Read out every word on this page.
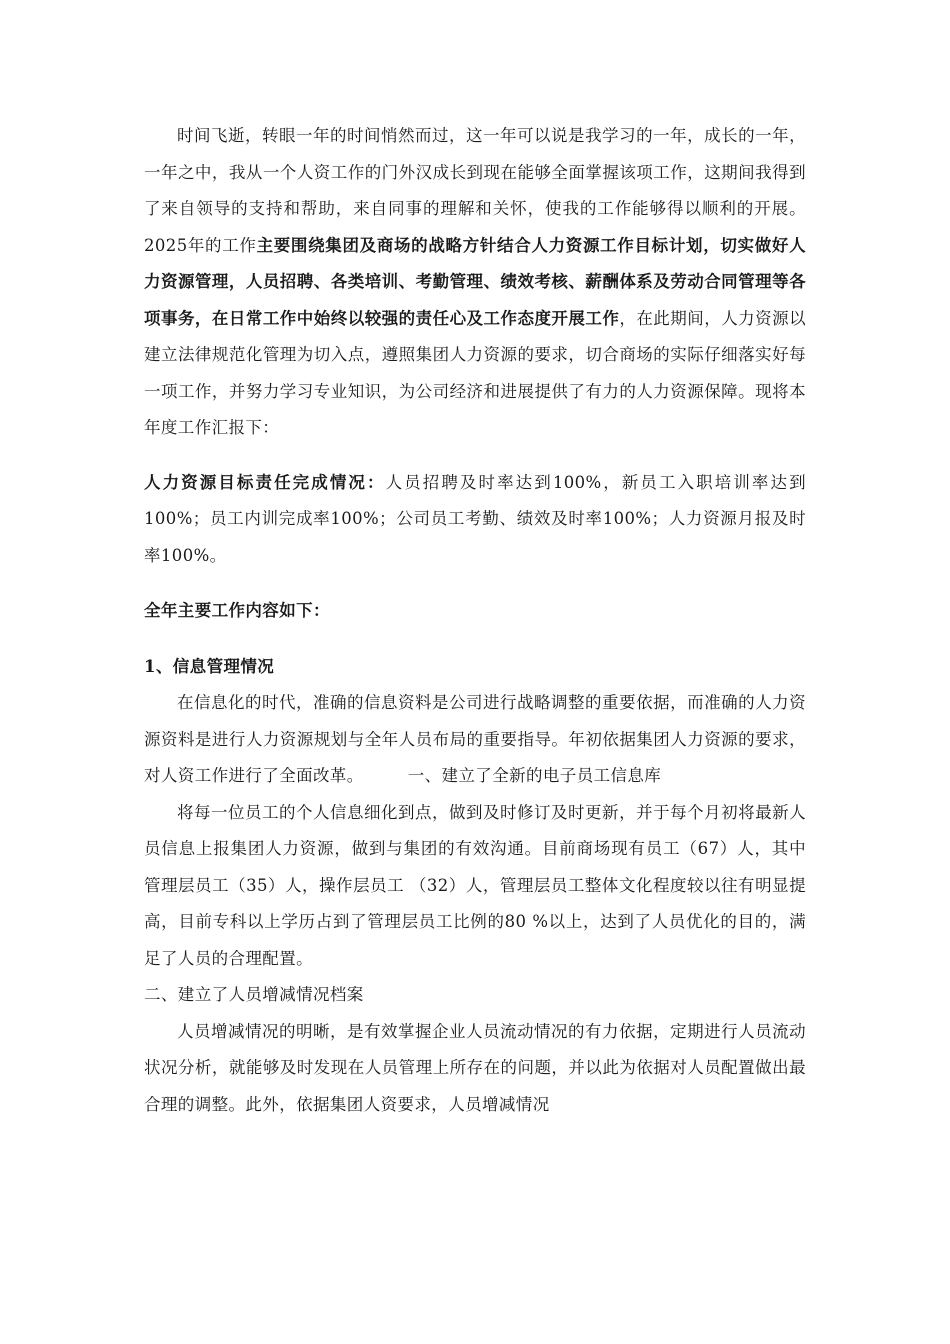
时间飞逝，转眼一年的时间悄然而过，这一年可以说是我学习的一年，成长的一年，一年之中，我从一个人资工作的门外汉成长到现在能够全面掌握该项工作，这期间我得到了来自领导的支持和帮助，来自同事的理解和关怀，使我的工作能够得以顺利的开展。2025年的工作主要围绕集团及商场的战略方针结合人力资源工作目标计划，切实做好人力资源管理，人员招聘、各类培训、考勤管理、绩效考核、薪酬体系及劳动合同管理等各项事务，在日常工作中始终以较强的责任心及工作态度开展工作，在此期间，人力资源以建立法律规范化管理为切入点，遵照集团人力资源的要求，切合商场的实际仔细落实好每一项工作，并努力学习专业知识，为公司经济和进展提供了有力的人力资源保障。现将本年度工作汇报下：

人力资源目标责任完成情况：人员招聘及时率达到100%，新员工入职培训率达到100%；员工内训完成率100%；公司员工考勤、绩效及时率100%；人力资源月报及时率100%。

全年主要工作内容如下：

1、信息管理情况

在信息化的时代，准确的信息资料是公司进行战略调整的重要依据，而准确的人力资源资料是进行人力资源规划与全年人员布局的重要指导。年初依据集团人力资源的要求，对人资工作进行了全面改革。	一、建立了全新的电子员工信息库

将每一位员工的个人信息细化到点，做到及时修订及时更新，并于每个月初将最新人员信息上报集团人力资源，做到与集团的有效沟通。目前商场现有员工（67）人，其中管理层员工（35）人，操作层员工 （32）人，管理层员工整体文化程度较以往有明显提高，目前专科以上学历占到了管理层员工比例的80 %以上，达到了人员优化的目的，满足了人员的合理配置。

二、建立了人员增减情况档案

人员增减情况的明晰，是有效掌握企业人员流动情况的有力依据，定期进行人员流动状况分析，就能够及时发现在人员管理上所存在的问题，并以此为依据对人员配置做出最合理的调整。此外，依据集团人资要求，人员增减情况
